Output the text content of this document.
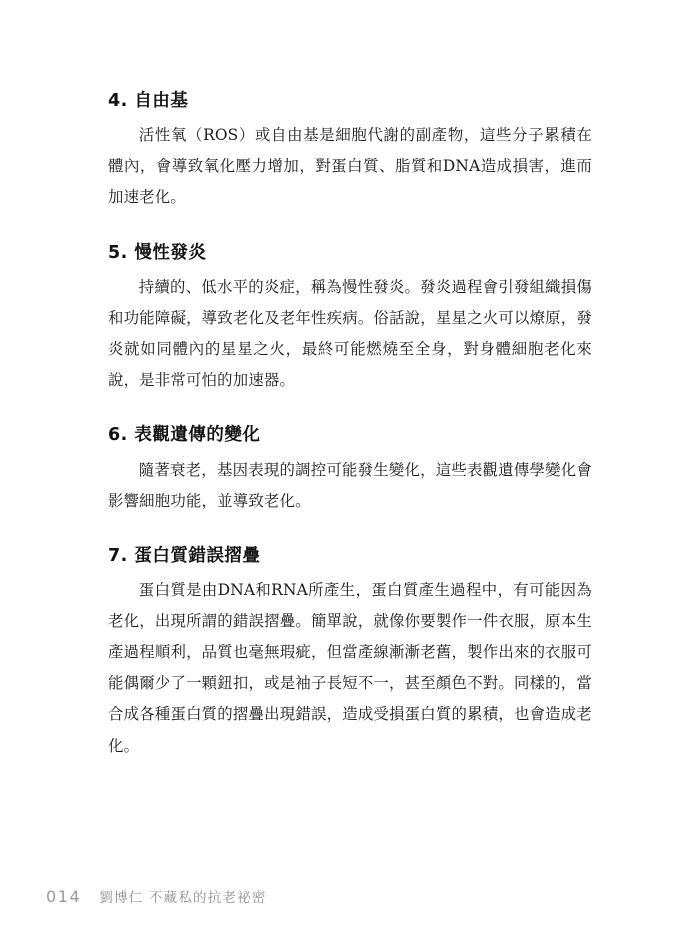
4. 自由基

活性氧（ROS）或自由基是細胞代謝的副產物，這些分子累積在體內，會導致氧化壓力增加，對蛋白質、脂質和DNA造成損害，進而加速老化。

5. 慢性發炎

持續的、低水平的炎症，稱為慢性發炎。發炎過程會引發組織損傷和功能障礙，導致老化及老年性疾病。俗話說，星星之火可以燎原，發炎就如同體內的星星之火，最終可能燃燒至全身，對身體細胞老化來說，是非常可怕的加速器。

6. 表觀遺傳的變化

隨著衰老，基因表現的調控可能發生變化，這些表觀遺傳學變化會影響細胞功能，並導致老化。

7. 蛋白質錯誤摺疊

蛋白質是由DNA和RNA所產生，蛋白質產生過程中，有可能因為老化，出現所謂的錯誤摺疊。簡單說，就像你要製作一件衣服，原本生產過程順利，品質也毫無瑕疵，但當產線漸漸老舊，製作出來的衣服可能偶爾少了一顆鈕扣，或是袖子長短不一，甚至顏色不對。同樣的，當合成各種蛋白質的摺疊出現錯誤，造成受損蛋白質的累積，也會造成老化。

014 劉博仁 不藏私的抗老祕密
